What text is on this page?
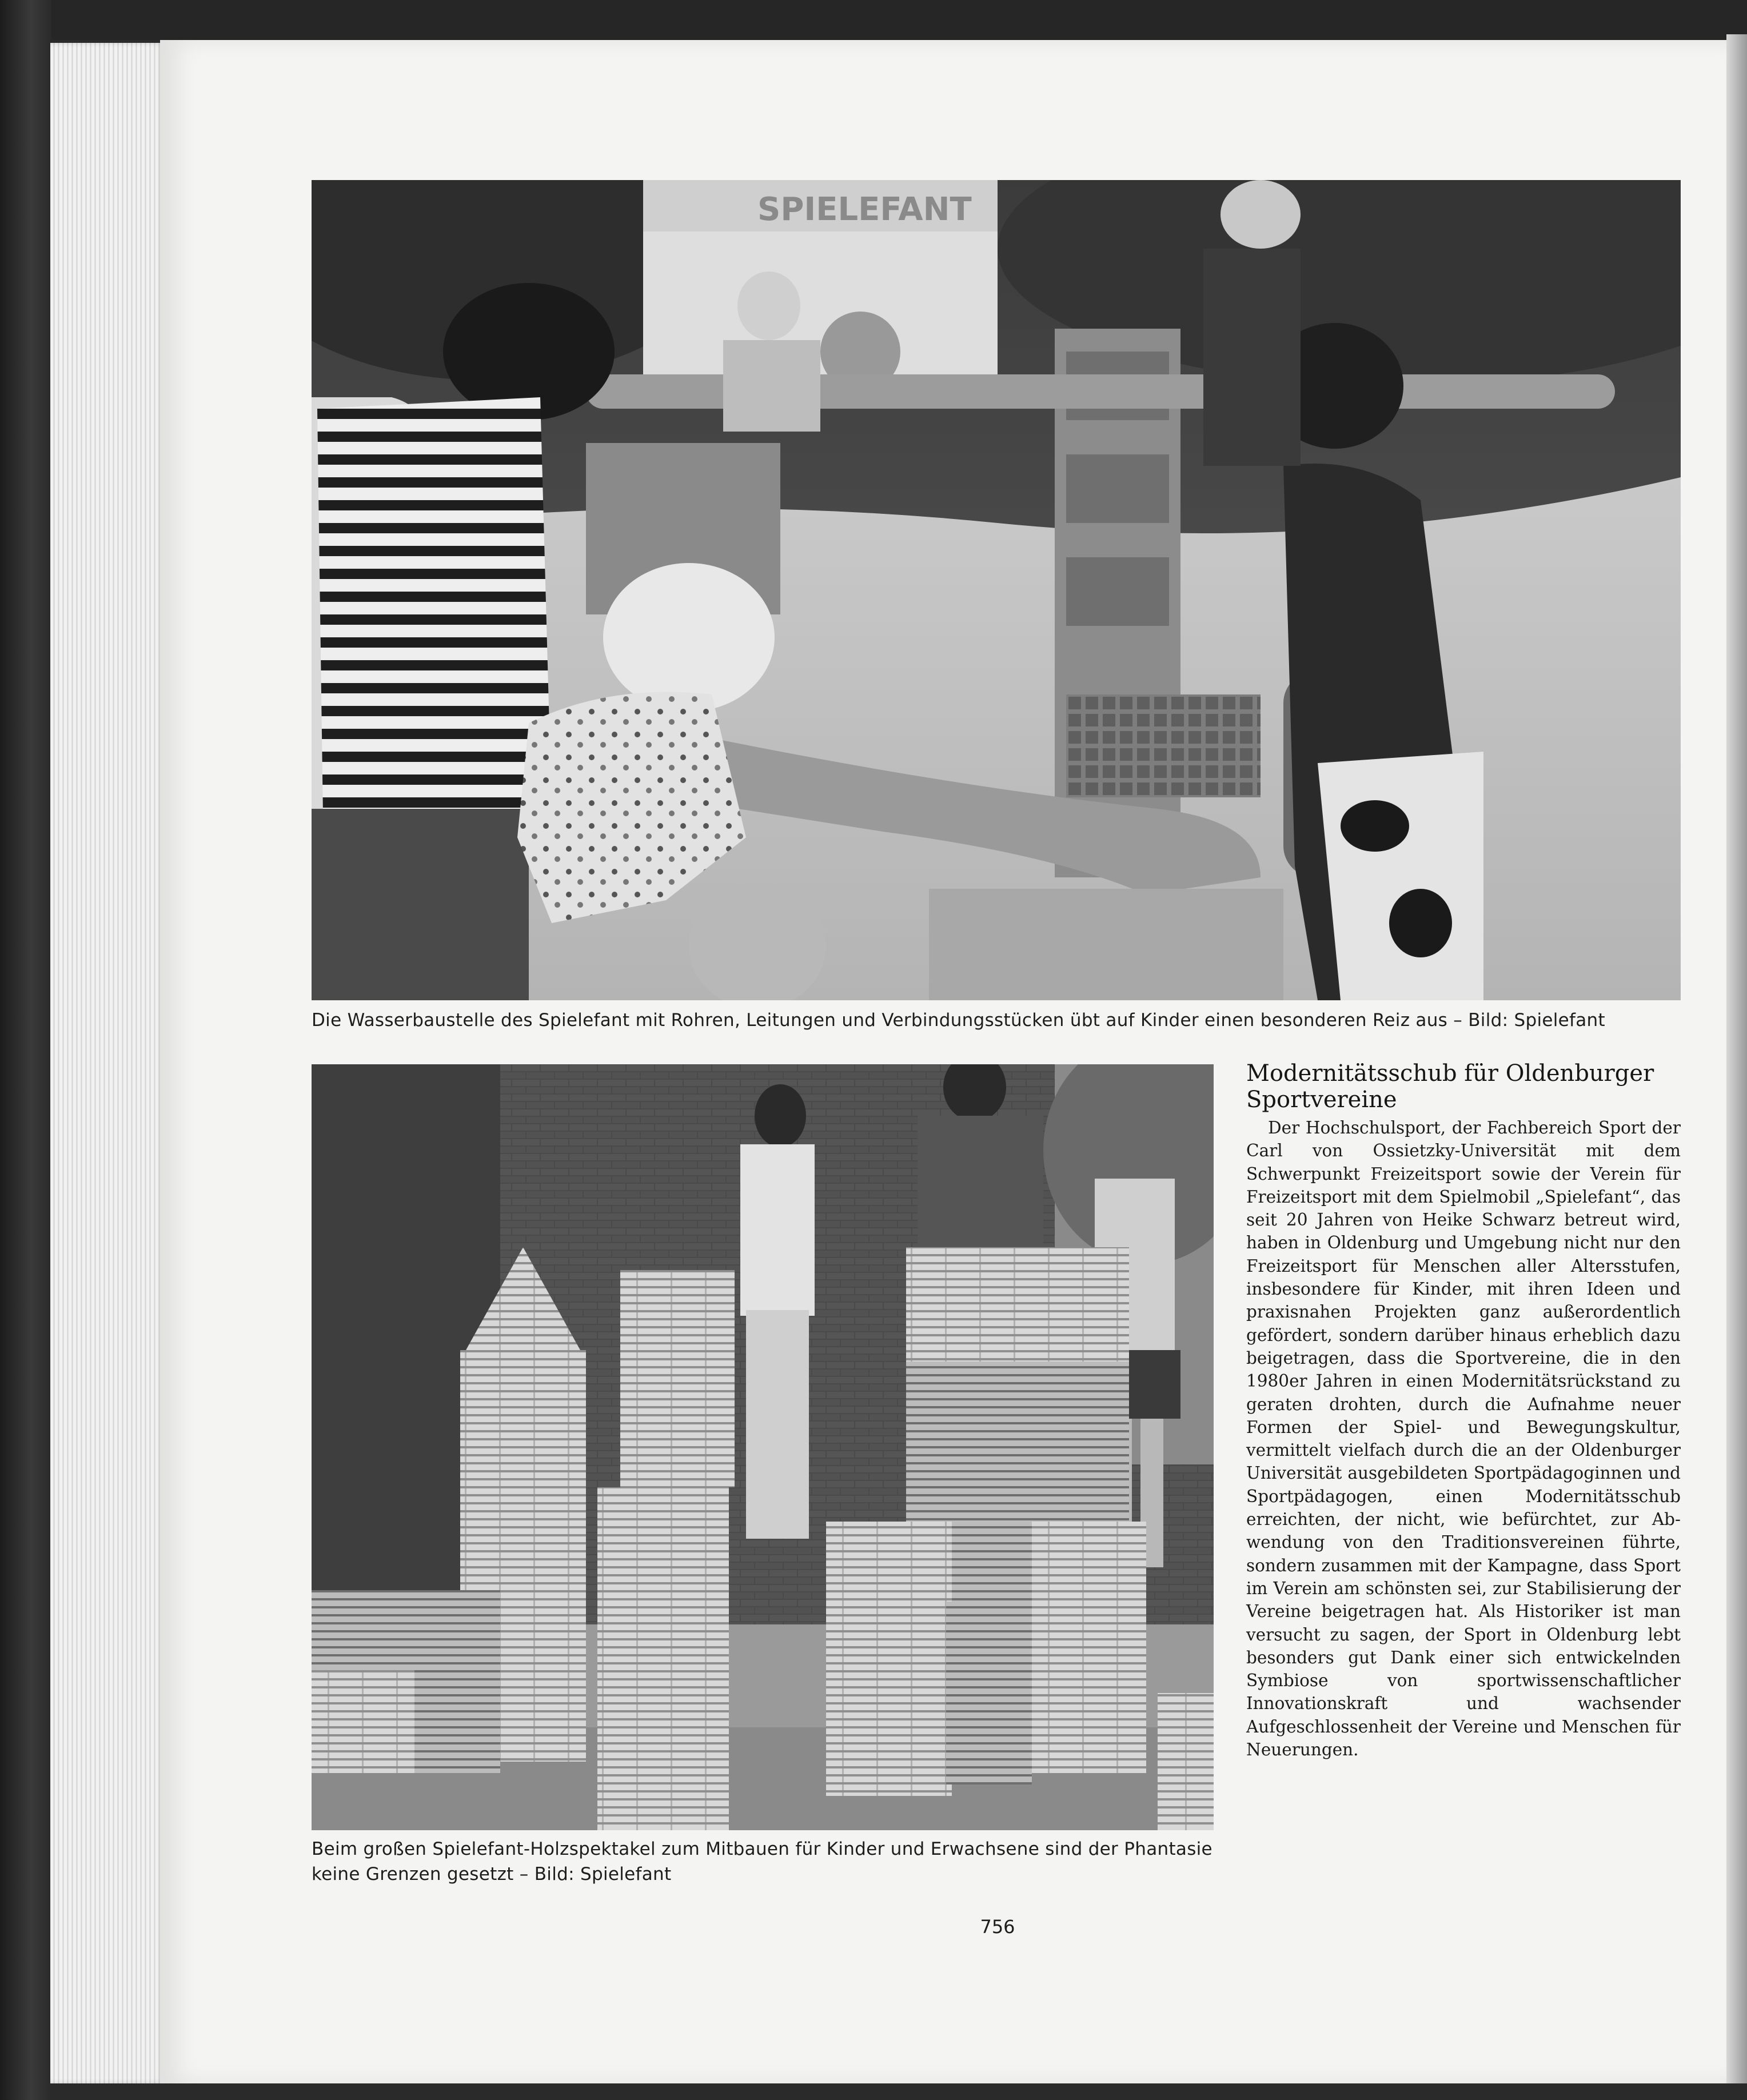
SPIELEFANT
Die Wasserbaustelle des Spielefant mit Rohren, Leitungen und Verbindungsstücken übt auf Kinder einen besonderen Reiz aus – Bild: Spielefant
Beim großen Spielefant-Holzspektakel zum Mitbauen für Kinder und Erwachsene sind der Phantasie keine Grenzen gesetzt – Bild: Spielefant
Modernitätsschub für Oldenburger Sportvereine

Der Hochschulsport, der Fachbereich Sport der Carl von Ossietzky-Universität mit dem Schwerpunkt Freizeitsport sowie der Verein für Freizeitsport mit dem Spielmobil „Spielefant“, das seit 20 Jahren von Heike Schwarz betreut wird, haben in Oldenburg und Umgebung nicht nur den Freizeitsport für Menschen aller Altersstufen, insbesondere für Kinder, mit ihren Ideen und praxisnahen Projekten ganz außerordentlich gefördert, sondern darüber hinaus erheblich dazu beigetragen, dass die Sportvereine, die in den 1980er Jahren in einen Modernitätsrückstand zu geraten drohten, durch die Aufnahme neuer Formen der Spiel- und Bewegungskultur, vermittelt vielfach durch die an der Oldenburger Universität ausgebildeten Sportpädagoginnen und Sportpädagogen, einen Modernitätsschub erreichten, der nicht, wie befürchtet, zur Abwendung von den Traditionsvereinen führte, sondern zusammen mit der Kampagne, dass Sport im Verein am schönsten sei, zur Stabilisierung der Vereine beigetragen hat. Als Historiker ist man versucht zu sagen, der Sport in Oldenburg lebt besonders gut Dank einer sich entwickelnden Symbiose von sportwissenschaftlicher Innovationskraft und wachsender Aufgeschlossenheit der Vereine und Menschen für Neuerungen.

756
